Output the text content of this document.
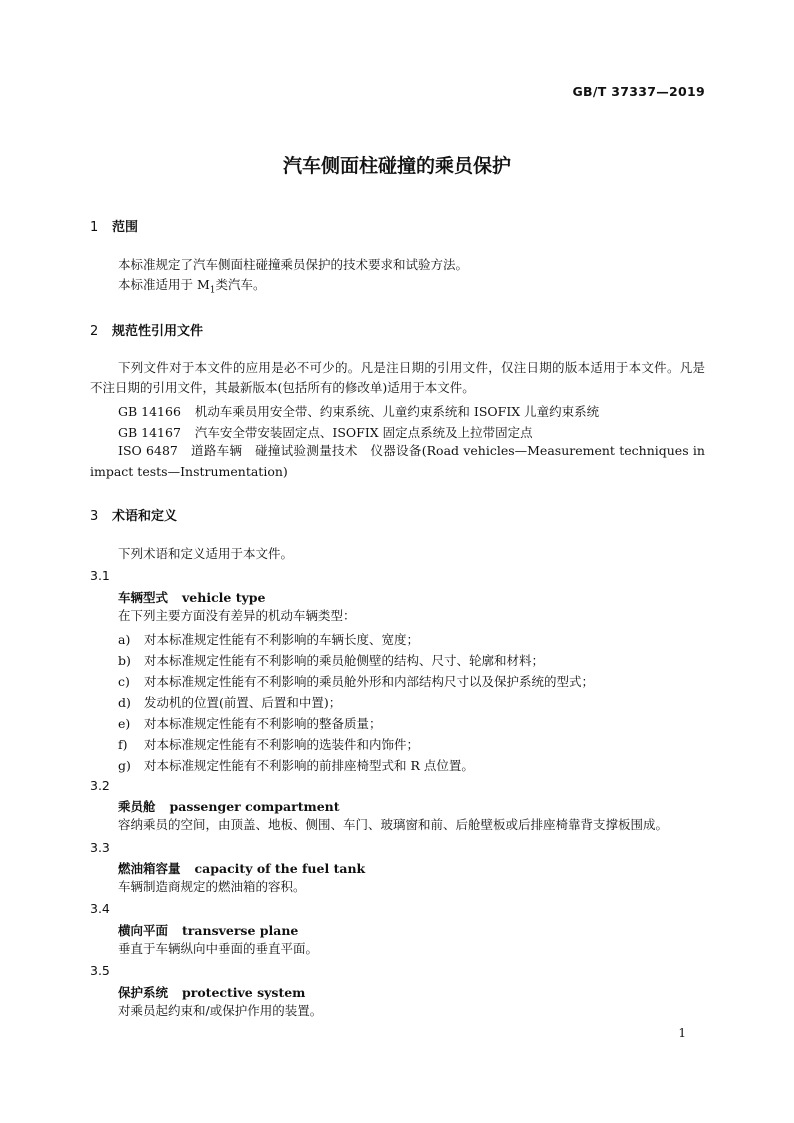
GB/T 37337—2019
汽车侧面柱碰撞的乘员保护
1 范围
本标准规定了汽车侧面柱碰撞乘员保护的技术要求和试验方法。
本标准适用于 $M_1$类汽车。
2 规范性引用文件
下列文件对于本文件的应用是必不可少的。凡是注日期的引用文件，仅注日期的版本适用于本文件。凡是不注日期的引用文件，其最新版本(包括所有的修改单)适用于本文件。
GB 14166 机动车乘员用安全带、约束系统、儿童约束系统和 ISOFIX 儿童约束系统
GB 14167 汽车安全带安装固定点、ISOFIX 固定点系统及上拉带固定点
ISO 6487　 道路车辆　碰撞试验测量技术　仪器设备(Road vehicles—Measurement techniques in impact tests—Instrumentation)
3 术语和定义
下列术语和定义适用于本文件。
3.1
车辆型式 vehicle type
在下列主要方面没有差异的机动车辆类型：
a) 对本标准规定性能有不利影响的车辆长度、宽度；
b) 对本标准规定性能有不利影响的乘员舱侧壁的结构、尺寸、轮廓和材料；
c) 对本标准规定性能有不利影响的乘员舱外形和内部结构尺寸以及保护系统的型式；
d) 发动机的位置(前置、后置和中置)；
e) 对本标准规定性能有不利影响的整备质量；
f) 对本标准规定性能有不利影响的选装件和内饰件；
g) 对本标准规定性能有不利影响的前排座椅型式和 R 点位置。
3.2
乘员舱 passenger compartment
容纳乘员的空间，由顶盖、地板、侧围、车门、玻璃窗和前、后舱壁板或后排座椅靠背支撑板围成。
3.3
燃油箱容量 capacity of the fuel tank
车辆制造商规定的燃油箱的容积。
3.4
横向平面 transverse plane
垂直于车辆纵向中垂面的垂直平面。
3.5
保护系统 protective system
对乘员起约束和/或保护作用的装置。
1
